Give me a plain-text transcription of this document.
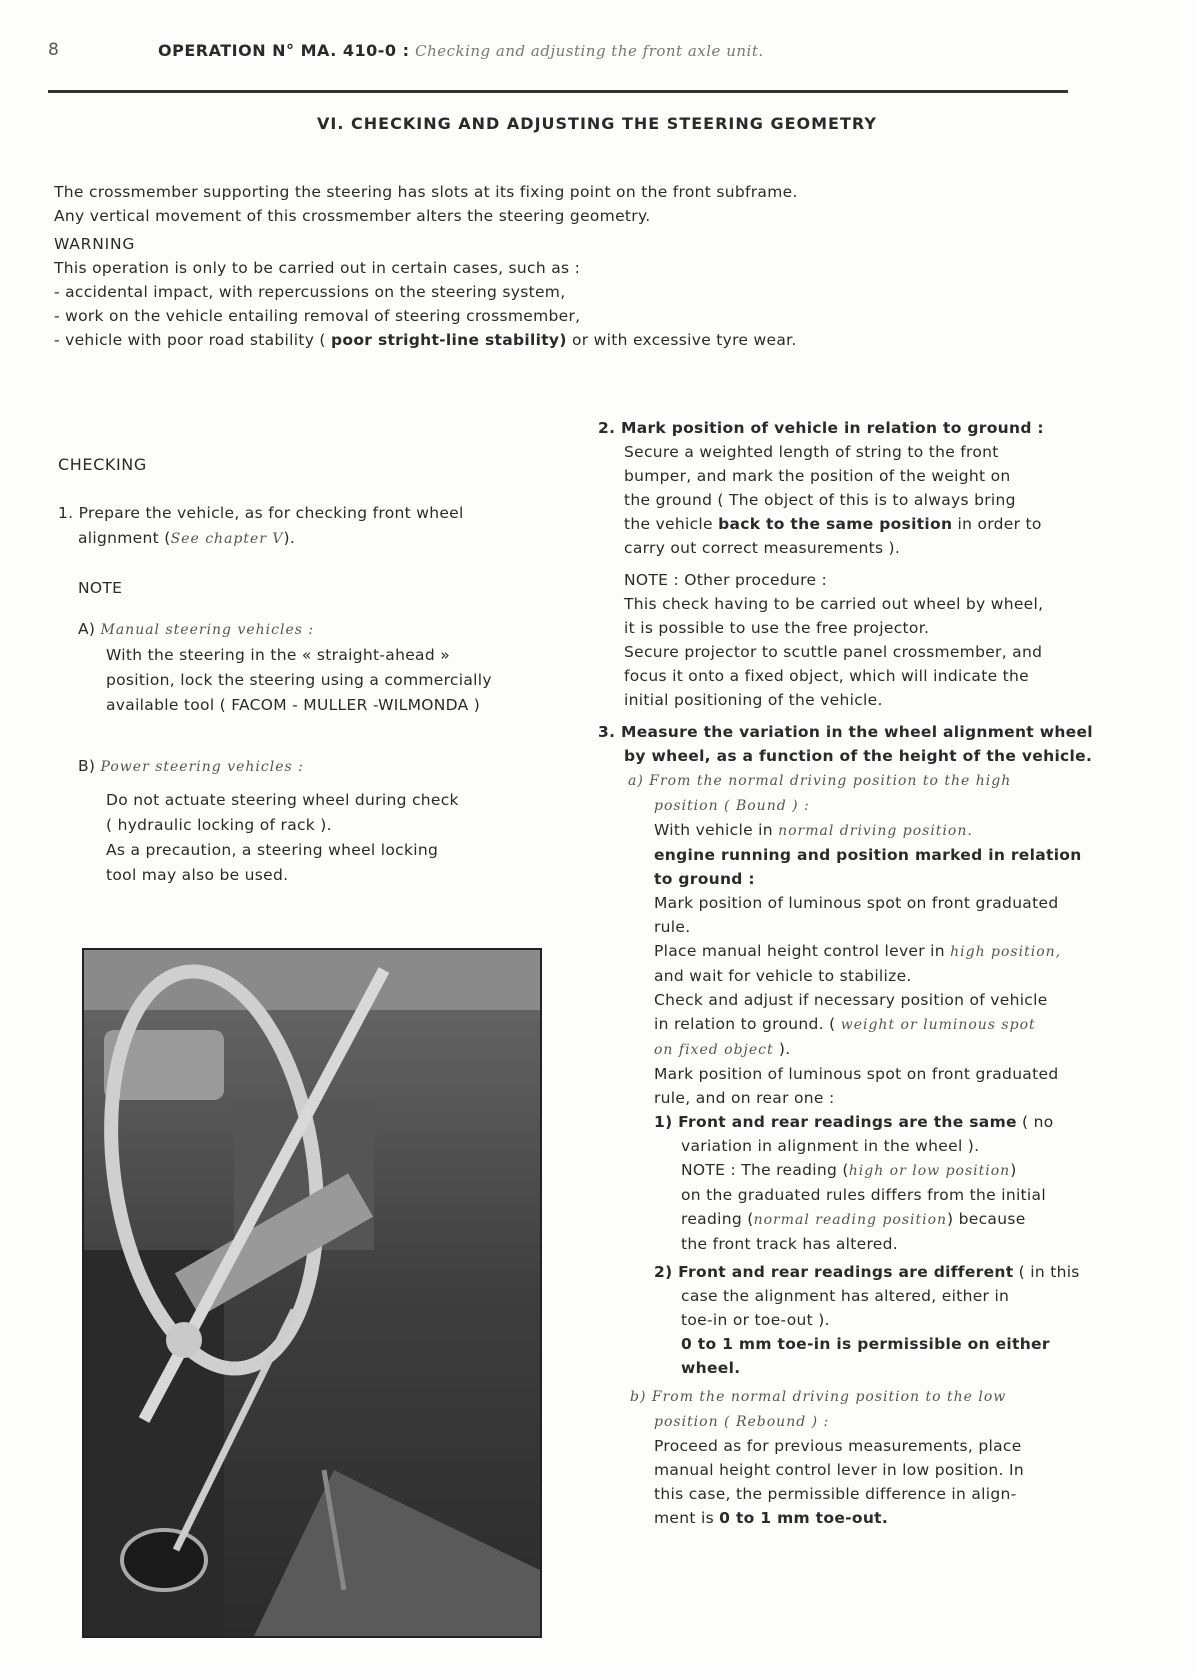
8	OPERATION N° MA. 410-0 : Checking and adjusting the front axle unit.
VI. CHECKING AND ADJUSTING THE STEERING GEOMETRY

The crossmember supporting the steering has slots at its fixing point on the front subframe.

Any vertical movement of this crossmember alters the steering geometry.

WARNING

This operation is only to be carried out in certain cases, such as :

- accidental impact, with repercussions on the steering system,

- work on the vehicle entailing removal of steering crossmember,

- vehicle with poor road stability ( poor stright-line stability) or with excessive tyre wear.

CHECKING

1. Prepare the vehicle, as for checking front wheel

alignment (See chapter V).

NOTE

A) Manual steering vehicles :

With the steering in the « straight-ahead »

position, lock the steering using a commercially

available tool ( FACOM - MULLER -WILMONDA )

B) Power steering vehicles :

Do not actuate steering wheel during check

( hydraulic locking of rack ).

As a precaution, a steering wheel locking

tool may also be used.

2. Mark position of vehicle in relation to ground :

Secure a weighted length of string to the front

bumper, and mark the position of the weight on

the ground ( The object of this is to always bring

the vehicle back to the same position in order to

carry out correct measurements ).

NOTE : Other procedure :

This check having to be carried out wheel by wheel,

it is possible to use the free projector.

Secure projector to scuttle panel crossmember, and

focus it onto a fixed object, which will indicate the

initial positioning of the vehicle.

3. Measure the variation in the wheel alignment wheel

by wheel, as a function of the height of the vehicle.

a) From the normal driving position to the high

position ( Bound ) :

With vehicle in normal driving position.

engine running and position marked in relation

to ground :

Mark position of luminous spot on front graduated

rule.

Place manual height control lever in high position,

and wait for vehicle to stabilize.

Check and adjust if necessary position of vehicle

in relation to ground. ( weight or luminous spot

on fixed object ).

Mark position of luminous spot on front graduated

rule, and on rear one :

1) Front and rear readings are the same ( no

variation in alignment in the wheel ).

NOTE : The reading (high or low position)

on the graduated rules differs from the initial

reading (normal reading position) because

the front track has altered.

2) Front and rear readings are different ( in this

case the alignment has altered, either in

toe-in or toe-out ).

0 to 1 mm toe-in is permissible on either wheel.

b) From the normal driving position to the low

position ( Rebound ) :

Proceed as for previous measurements, place

manual height control lever in low position. In

this case, the permissible difference in align-

ment is 0 to 1 mm toe-out.
